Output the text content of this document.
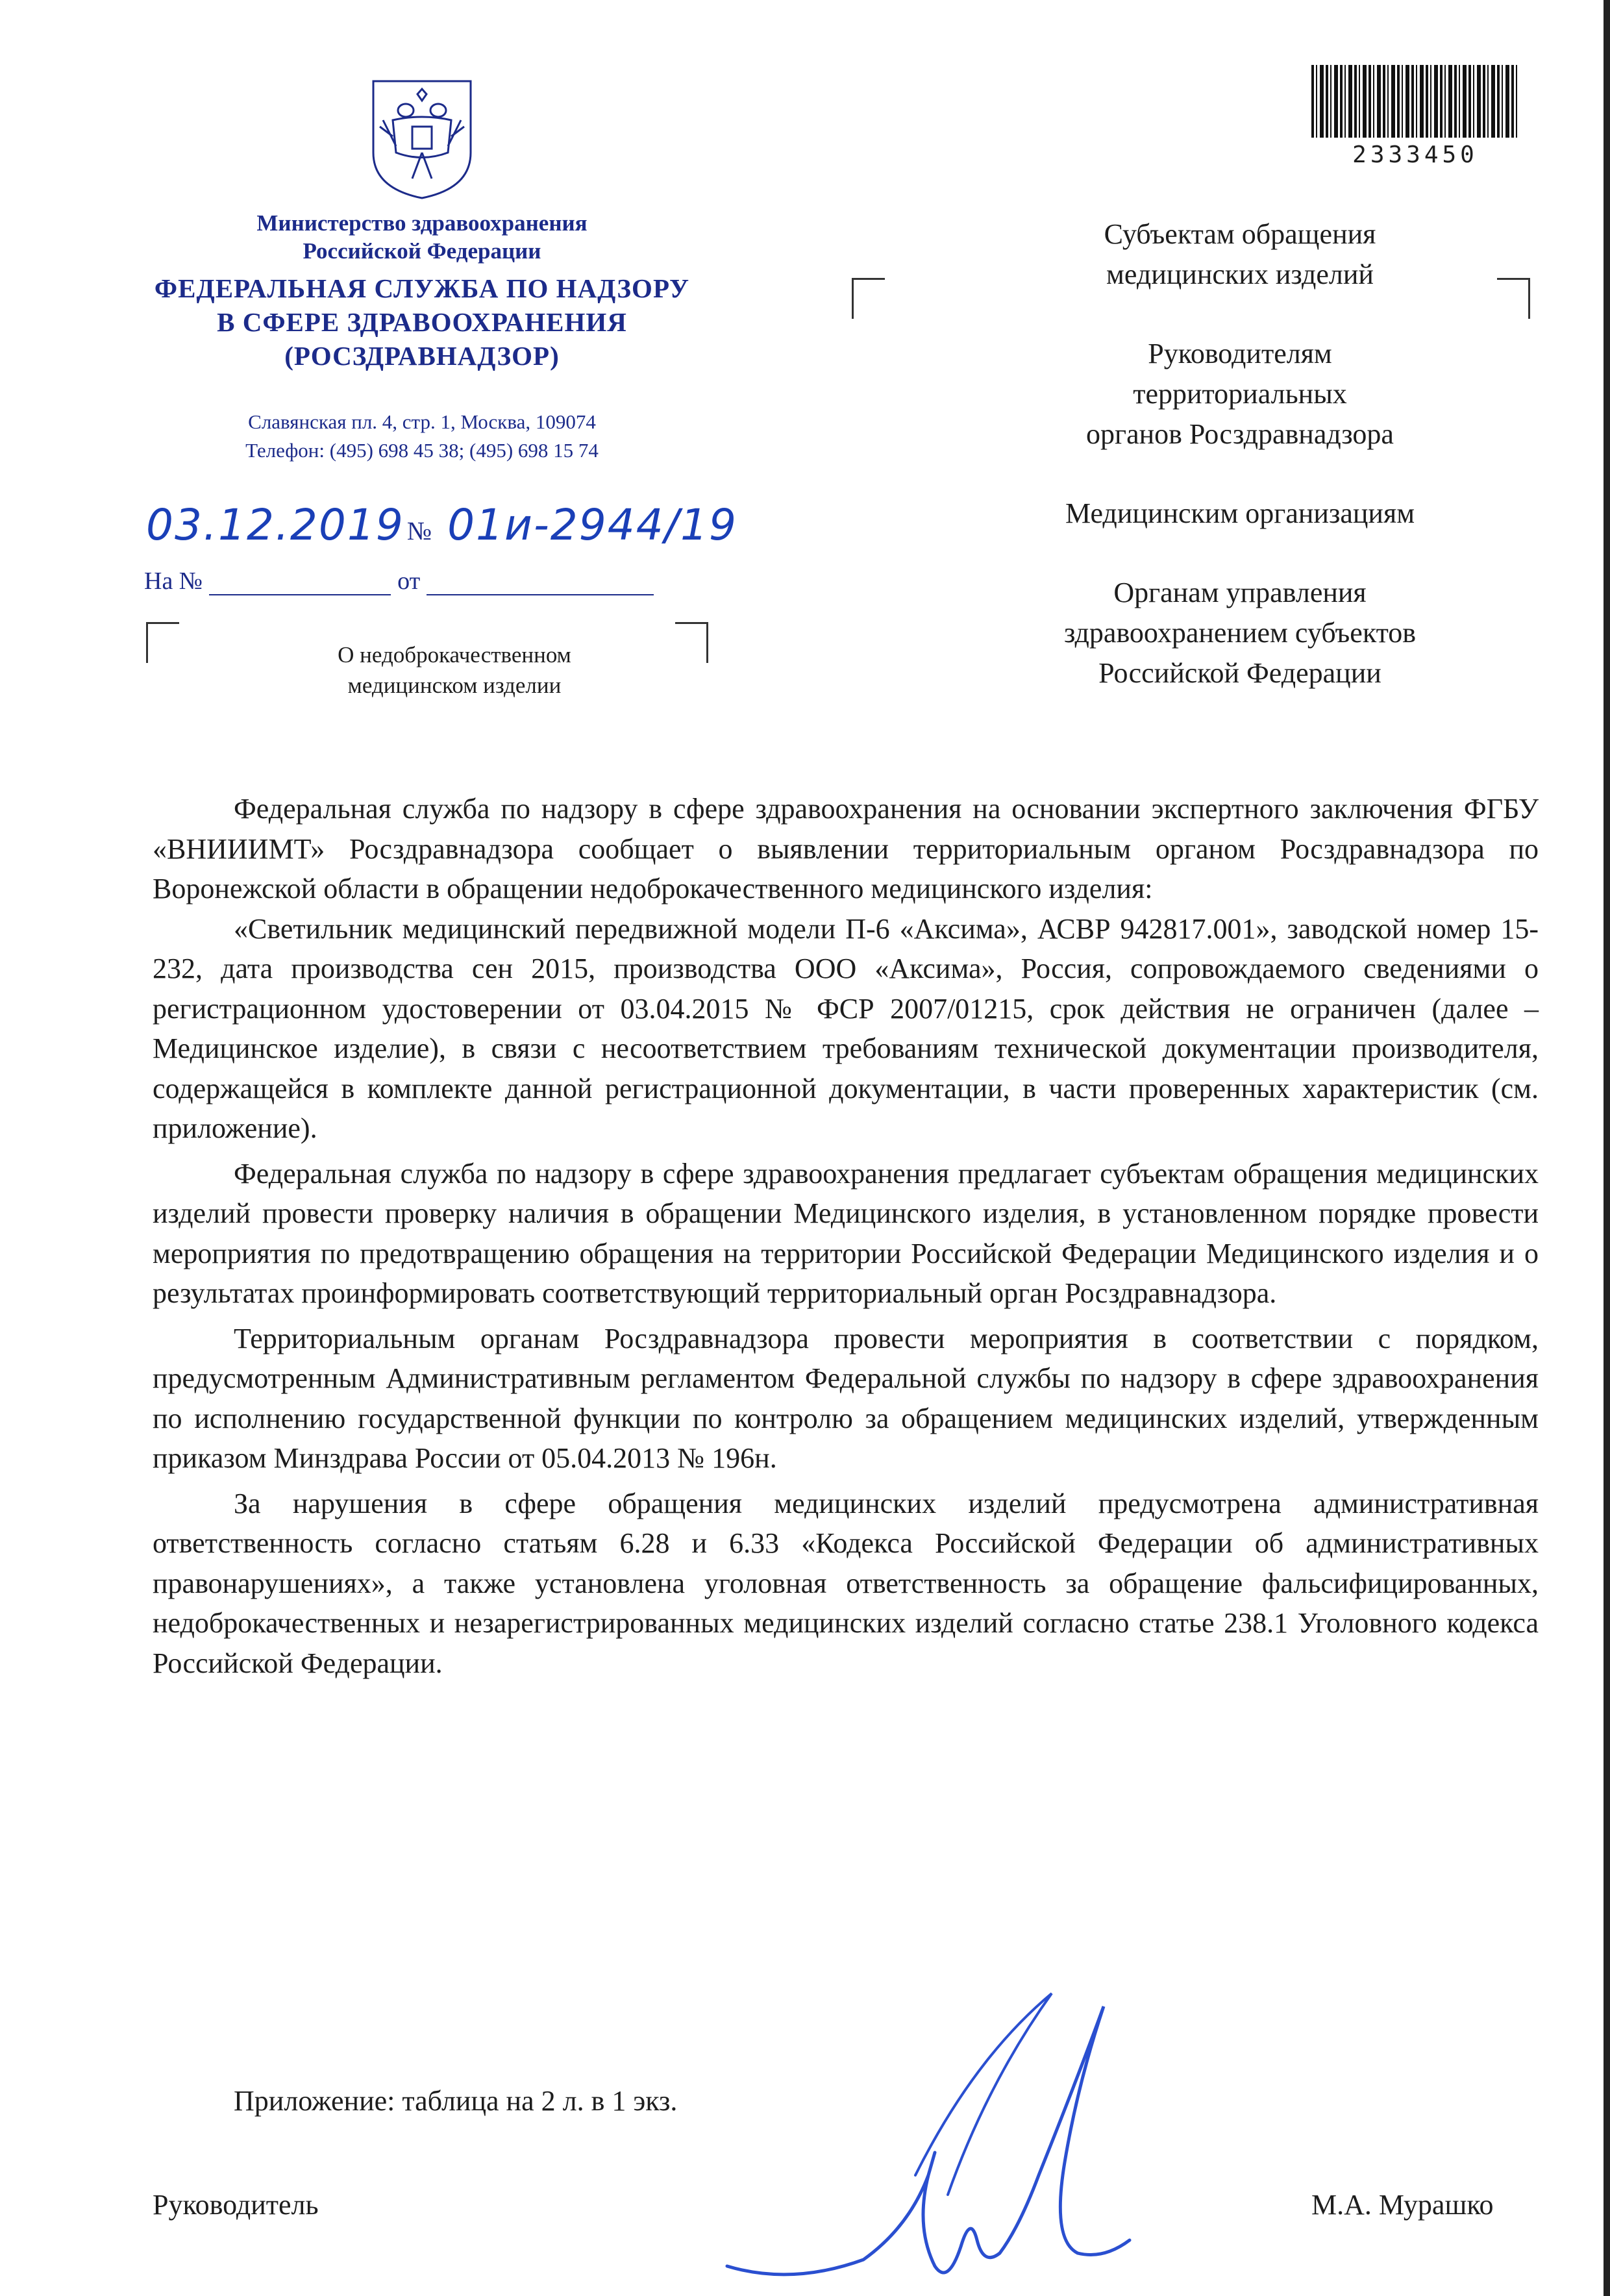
Министерство здравоохранения
Российской Федерации
ФЕДЕРАЛЬНАЯ СЛУЖБА ПО НАДЗОРУ
В СФЕРЕ ЗДРАВООХРАНЕНИЯ
(РОСЗДРАВНАДЗОР)
Славянская пл. 4, стр. 1, Москва, 109074
Телефон: (495) 698 45 38; (495) 698 15 74
03.12.2019 № 01и-2944/19
На №	от
О недоброкачественном
медицинском изделии
2333450

Субъектам обращения
медицинских изделий

Руководителям
территориальных
органов Росздравнадзора

Медицинским организациям

Органам управления
здравоохранением субъектов
Российской Федерации

Федеральная служба по надзору в сфере здравоохранения на основании экспертного заключения ФГБУ «ВНИИИМТ» Росздравнадзора сообщает о выявлении территориальным органом Росздравнадзора по Воронежской области в обращении недоброкачественного медицинского изделия:

«Светильник медицинский передвижной модели П-6 «Аксима», АСВР 942817.001», заводской номер 15-232, дата производства сен 2015, производства ООО «Аксима», Россия, сопровождаемого сведениями о регистрационном удостоверении от 03.04.2015 № ФСР 2007/01215, срок действия не ограничен (далее – Медицинское изделие), в связи с несоответствием требованиям технической документации производителя, содержащейся в комплекте данной регистрационной документации, в части проверенных характеристик (см. приложение).

Федеральная служба по надзору в сфере здравоохранения предлагает субъектам обращения медицинских изделий провести проверку наличия в обращении Медицинского изделия, в установленном порядке провести мероприятия по предотвращению обращения на территории Российской Федерации Медицинского изделия и о результатах проинформировать соответствующий территориальный орган Росздравнадзора.

Территориальным органам Росздравнадзора провести мероприятия в соответствии с порядком, предусмотренным Административным регламентом Федеральной службы по надзору в сфере здравоохранения по исполнению государственной функции по контролю за обращением медицинских изделий, утвержденным приказом Минздрава России от 05.04.2013 № 196н.

За нарушения в сфере обращения медицинских изделий предусмотрена административная ответственность согласно статьям 6.28 и 6.33 «Кодекса Российской Федерации об административных правонарушениях», а также установлена уголовная ответственность за обращение фальсифицированных, недоброкачественных и незарегистрированных медицинских изделий согласно статье 238.1 Уголовного кодекса Российской Федерации.

Приложение: таблица на 2 л. в 1 экз.
Руководитель	М.А. Мурашко
